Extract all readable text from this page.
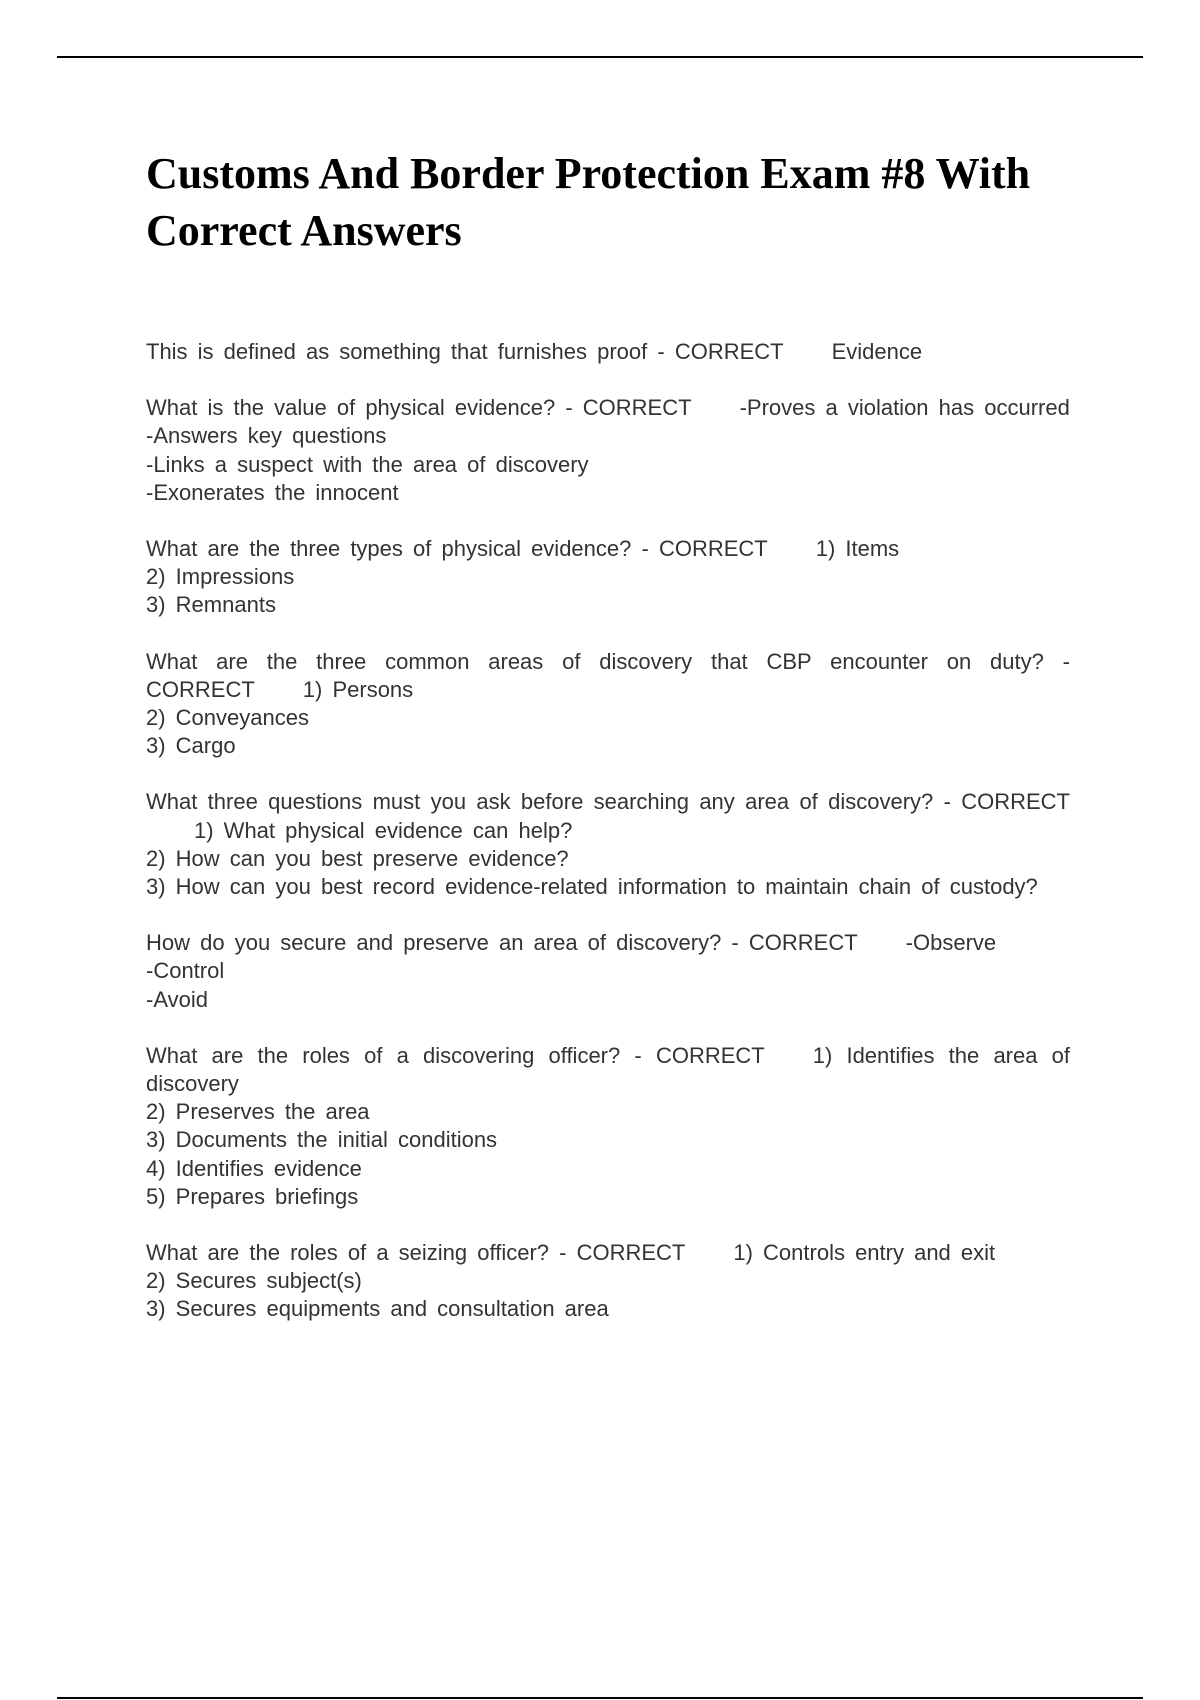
Customs And Border Protection Exam #8 With Correct Answers

This is defined as something that furnishes proof - CORRECT Evidence

What is the value of physical evidence? - CORRECT -Proves a violation has occurred
-Answers key questions
-Links a suspect with the area of discovery
-Exonerates the innocent

What are the three types of physical evidence? - CORRECT 1) Items
2) Impressions
3) Remnants

What are the three common areas of discovery that CBP encounter on duty? - CORRECT 1) Persons
2) Conveyances
3) Cargo

What three questions must you ask before searching any area of discovery? - CORRECT1) What physical evidence can help?
2) How can you best preserve evidence?
3) How can you best record evidence-related information to maintain chain of custody?

How do you secure and preserve an area of discovery? - CORRECT -Observe
-Control
-Avoid

What are the roles of a discovering officer? - CORRECT 1) Identifies the area of discovery
2) Preserves the area
3) Documents the initial conditions
4) Identifies evidence
5) Prepares briefings

What are the roles of a seizing officer? - CORRECT 1) Controls entry and exit
2) Secures subject(s)
3) Secures equipments and consultation area
